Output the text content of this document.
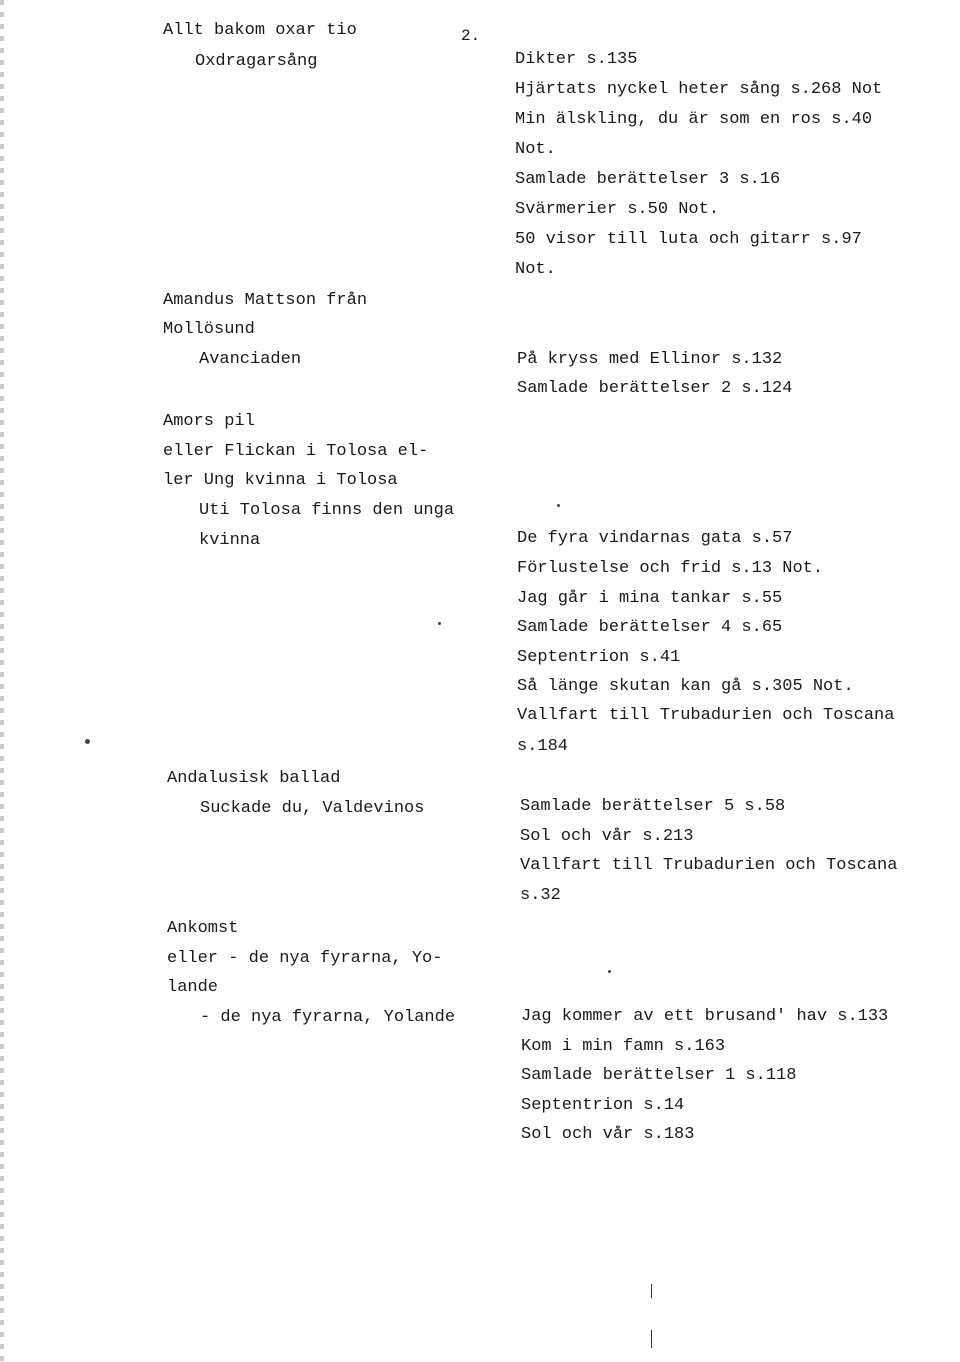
2.
Allt bakom oxar tio
Oxdragarsång
Amandus Mattson från
Mollösund
Avanciaden
Amors pil
eller Flickan i Tolosa el-
ler Ung kvinna i Tolosa
Uti Tolosa finns den unga
kvinna
Andalusisk ballad
Suckade du, Valdevinos
Ankomst
eller - de nya fyrarna, Yo-
lande
- de nya fyrarna, Yolande
Dikter s.135
Hjärtats nyckel heter sång s.268 Not
Min älskling, du är som en ros s.40
Not.
Samlade berättelser 3 s.16
Svärmerier s.50 Not.
50 visor till luta och gitarr s.97
Not.
På kryss med Ellinor s.132
Samlade berättelser 2 s.124
De fyra vindarnas gata s.57
Förlustelse och frid s.13 Not.
Jag går i mina tankar s.55
Samlade berättelser 4 s.65
Septentrion s.41
Så länge skutan kan gå s.305 Not.
Vallfart till Trubadurien och Toscana
s.184
Samlade berättelser 5 s.58
Sol och vår s.213
Vallfart till Trubadurien och Toscana
s.32
Jag kommer av ett brusand' hav s.133
Kom i min famn s.163
Samlade berättelser 1 s.118
Septentrion s.14
Sol och vår s.183
